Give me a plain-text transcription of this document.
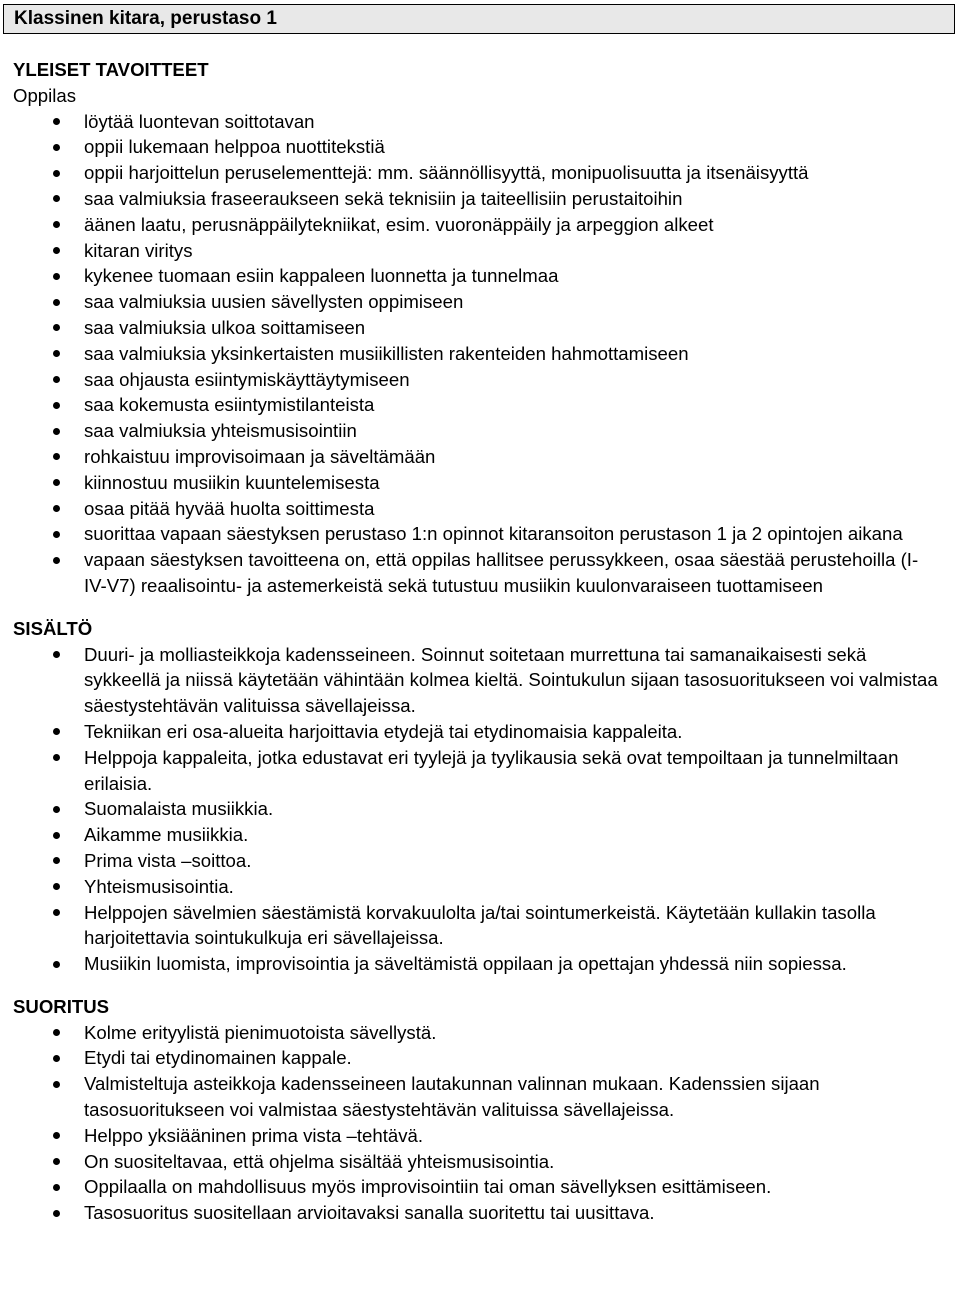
Klassinen kitara, perustaso 1
YLEISET TAVOITTEET
Oppilas
löytää luontevan soittotavan
oppii lukemaan helppoa nuottitekstiä
oppii harjoittelun peruselementtejä: mm. säännöllisyyttä, monipuolisuutta ja itsenäisyyttä
saa valmiuksia fraseeraukseen sekä teknisiin ja taiteellisiin perustaitoihin
äänen laatu, perusnäppäilytekniikat, esim. vuoronäppäily ja arpeggion alkeet
kitaran viritys
kykenee tuomaan esiin kappaleen luonnetta ja tunnelmaa
saa valmiuksia uusien sävellysten oppimiseen
saa valmiuksia ulkoa soittamiseen
saa valmiuksia yksinkertaisten musiikillisten rakenteiden hahmottamiseen
saa ohjausta esiintymiskäyttäytymiseen
saa kokemusta esiintymistilanteista
saa valmiuksia yhteismusisointiin
rohkaistuu improvisoimaan ja säveltämään
kiinnostuu musiikin kuuntelemisesta
osaa pitää hyvää huolta soittimesta
suorittaa vapaan säestyksen perustaso 1:n opinnot kitaransoiton perustason 1 ja 2 opintojen aikana
vapaan säestyksen tavoitteena on, että oppilas hallitsee perussykkeen, osaa säestää perustehoilla (I-IV-V7) reaalisointu- ja astemerkeistä sekä tutustuu musiikin kuulonvaraiseen tuottamiseen
SISÄLTÖ
Duuri- ja molliasteikkoja kadensseineen. Soinnut soitetaan murrettuna tai samanaikaisesti sekä sykkeellä ja niissä käytetään vähintään kolmea kieltä. Sointukulun sijaan tasosuoritukseen voi valmistaa säestystehtävän valituissa sävellajeissa.
Tekniikan eri osa-alueita harjoittavia etydejä tai etydinomaisia kappaleita.
Helppoja kappaleita, jotka edustavat eri tyylejä ja tyylikausia sekä ovat tempoiltaan ja tunnelmiltaan erilaisia.
Suomalaista musiikkia.
Aikamme musiikkia.
Prima vista –soittoa.
Yhteismusisointia.
Helppojen sävelmien säestämistä korvakuulolta ja/tai sointumerkeistä. Käytetään kullakin tasolla harjoitettavia sointukulkuja eri sävellajeissa.
Musiikin luomista, improvisointia ja säveltämistä oppilaan ja opettajan yhdessä niin sopiessa.
SUORITUS
Kolme erityylistä pienimuotoista sävellystä.
Etydi tai etydinomainen kappale.
Valmisteltuja asteikkoja kadensseineen lautakunnan valinnan mukaan. Kadenssien sijaan tasosuoritukseen voi valmistaa säestystehtävän valituissa sävellajeissa.
Helppo yksiääninen prima vista –tehtävä.
On suositeltavaa, että ohjelma sisältää yhteismusisointia.
Oppilaalla on mahdollisuus myös improvisointiin tai oman sävellyksen esittämiseen.
Tasosuoritus suositellaan arvioitavaksi sanalla suoritettu tai uusittava.
